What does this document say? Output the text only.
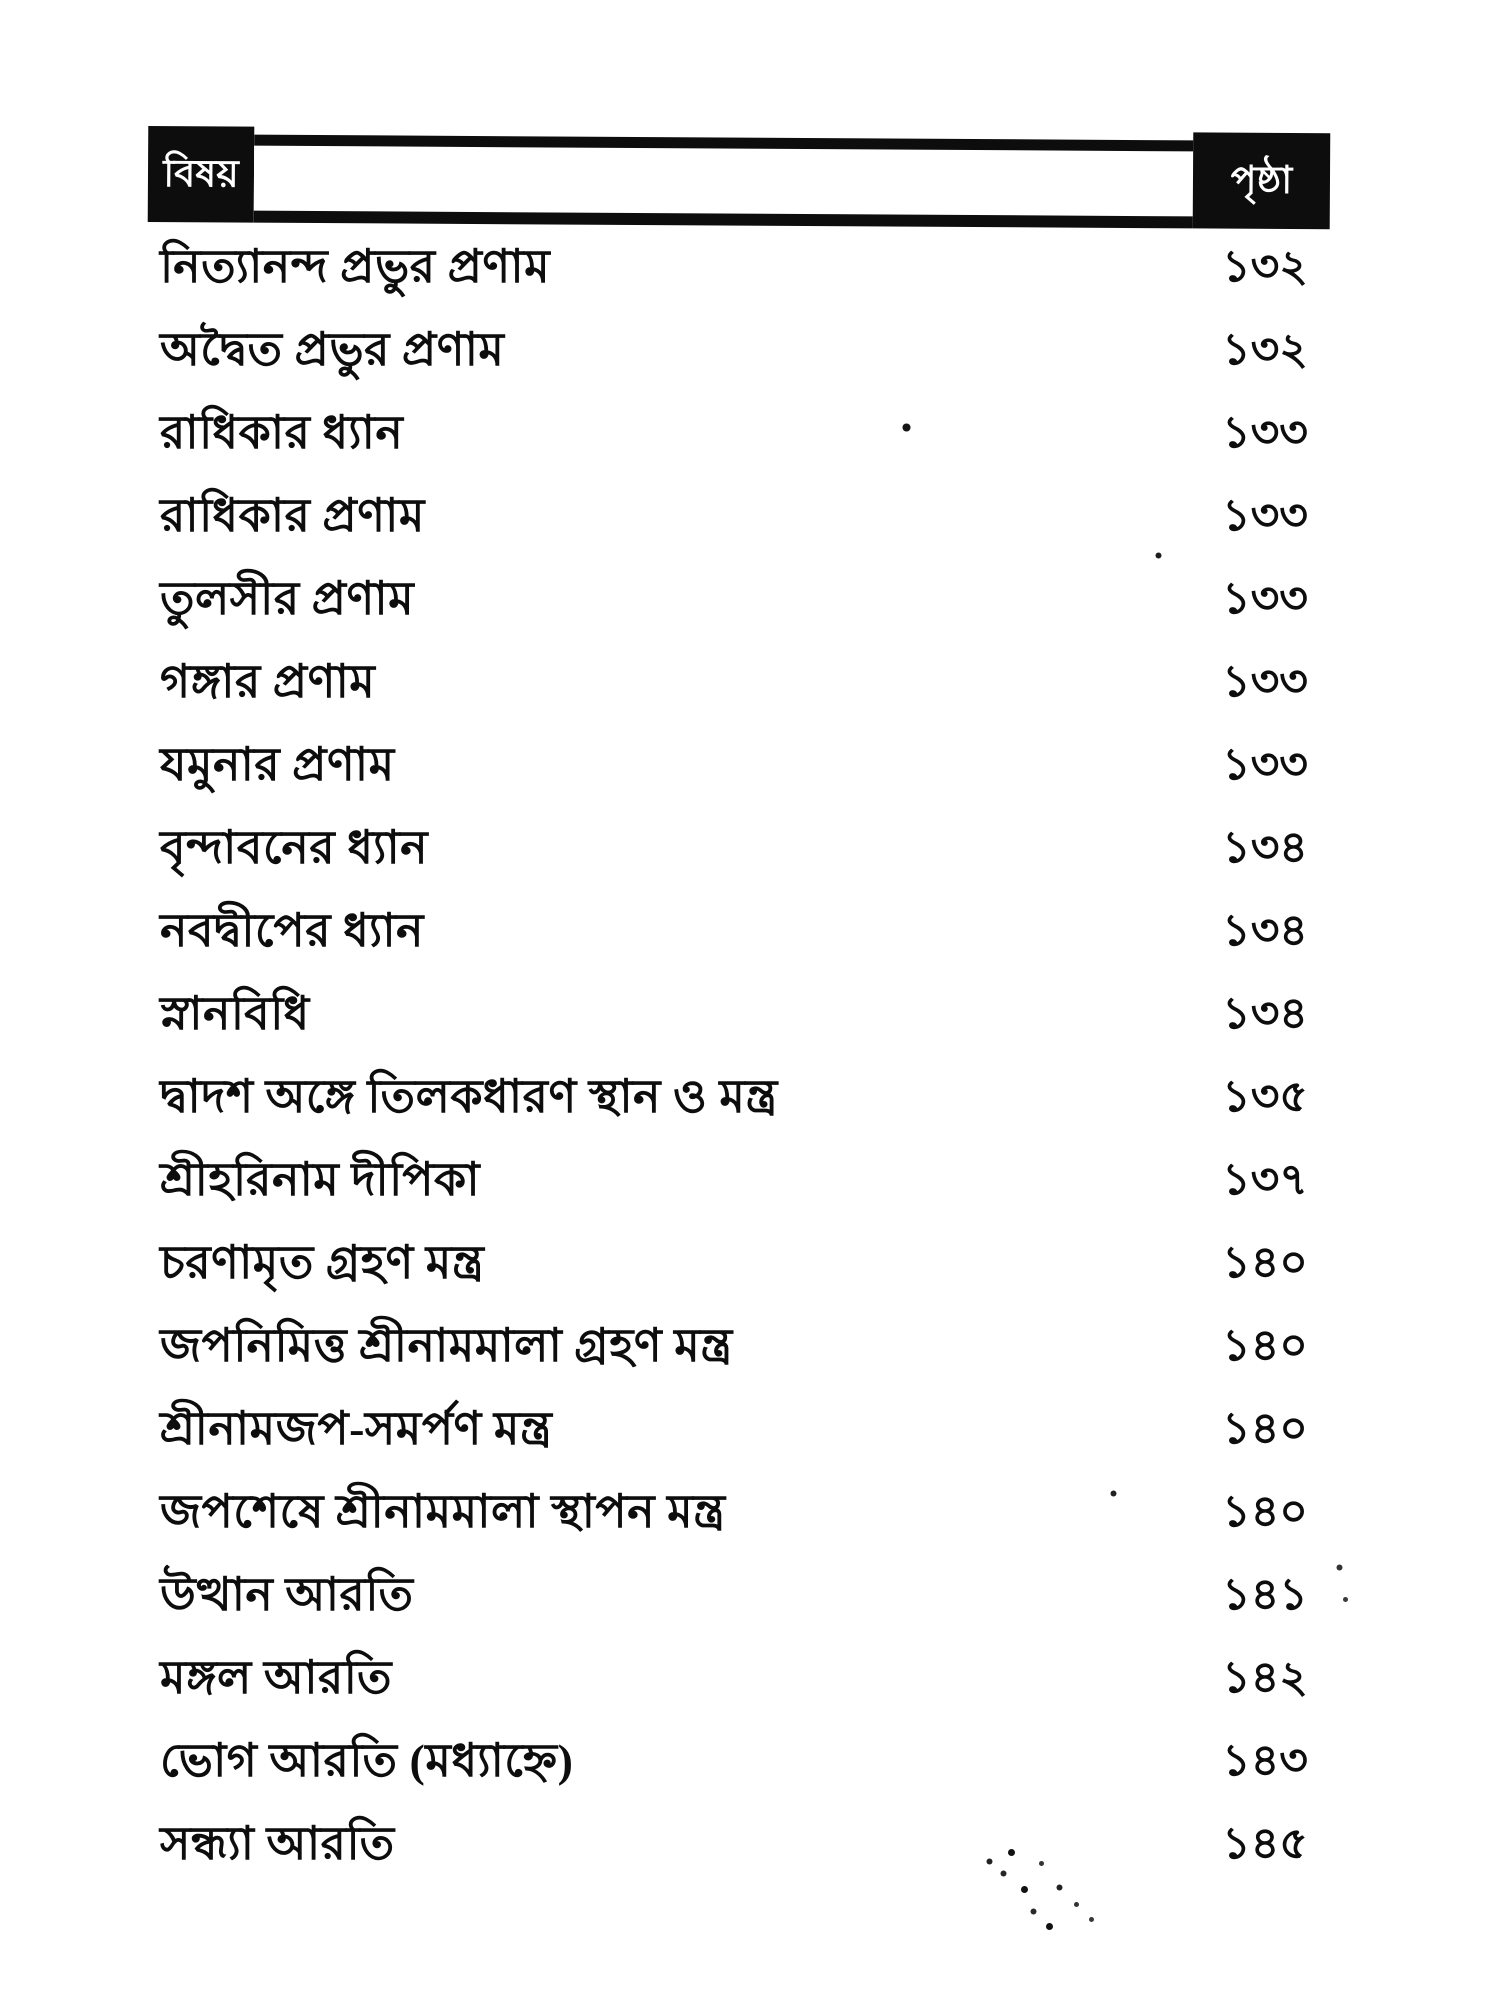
বিষয়	পৃষ্ঠা
নিত্যানন্দ প্রভুর প্রণাম	১৩২
অদ্বৈত প্রভুর প্রণাম	১৩২
রাধিকার ধ্যান	১৩৩
রাধিকার প্রণাম	১৩৩
তুলসীর প্রণাম	১৩৩
গঙ্গার প্রণাম	১৩৩
যমুনার প্রণাম	১৩৩
বৃন্দাবনের ধ্যান	১৩৪
নবদ্বীপের ধ্যান	১৩৪
স্নানবিধি	১৩৪
দ্বাদশ অঙ্গে তিলকধারণ স্থান ও মন্ত্র	১৩৫
শ্রীহরিনাম দীপিকা	১৩৭
চরণামৃত গ্রহণ মন্ত্র	১৪০
জপনিমিত্ত শ্রীনামমালা গ্রহণ মন্ত্র	১৪০
শ্রীনামজপ-সমর্পণ মন্ত্র	১৪০
জপশেষে শ্রীনামমালা স্থাপন মন্ত্র	১৪০
উত্থান আরতি	১৪১
মঙ্গল আরতি	১৪২
ভোগ আরতি (মধ্যাহ্নে)	১৪৩
সন্ধ্যা আরতি	১৪৫
